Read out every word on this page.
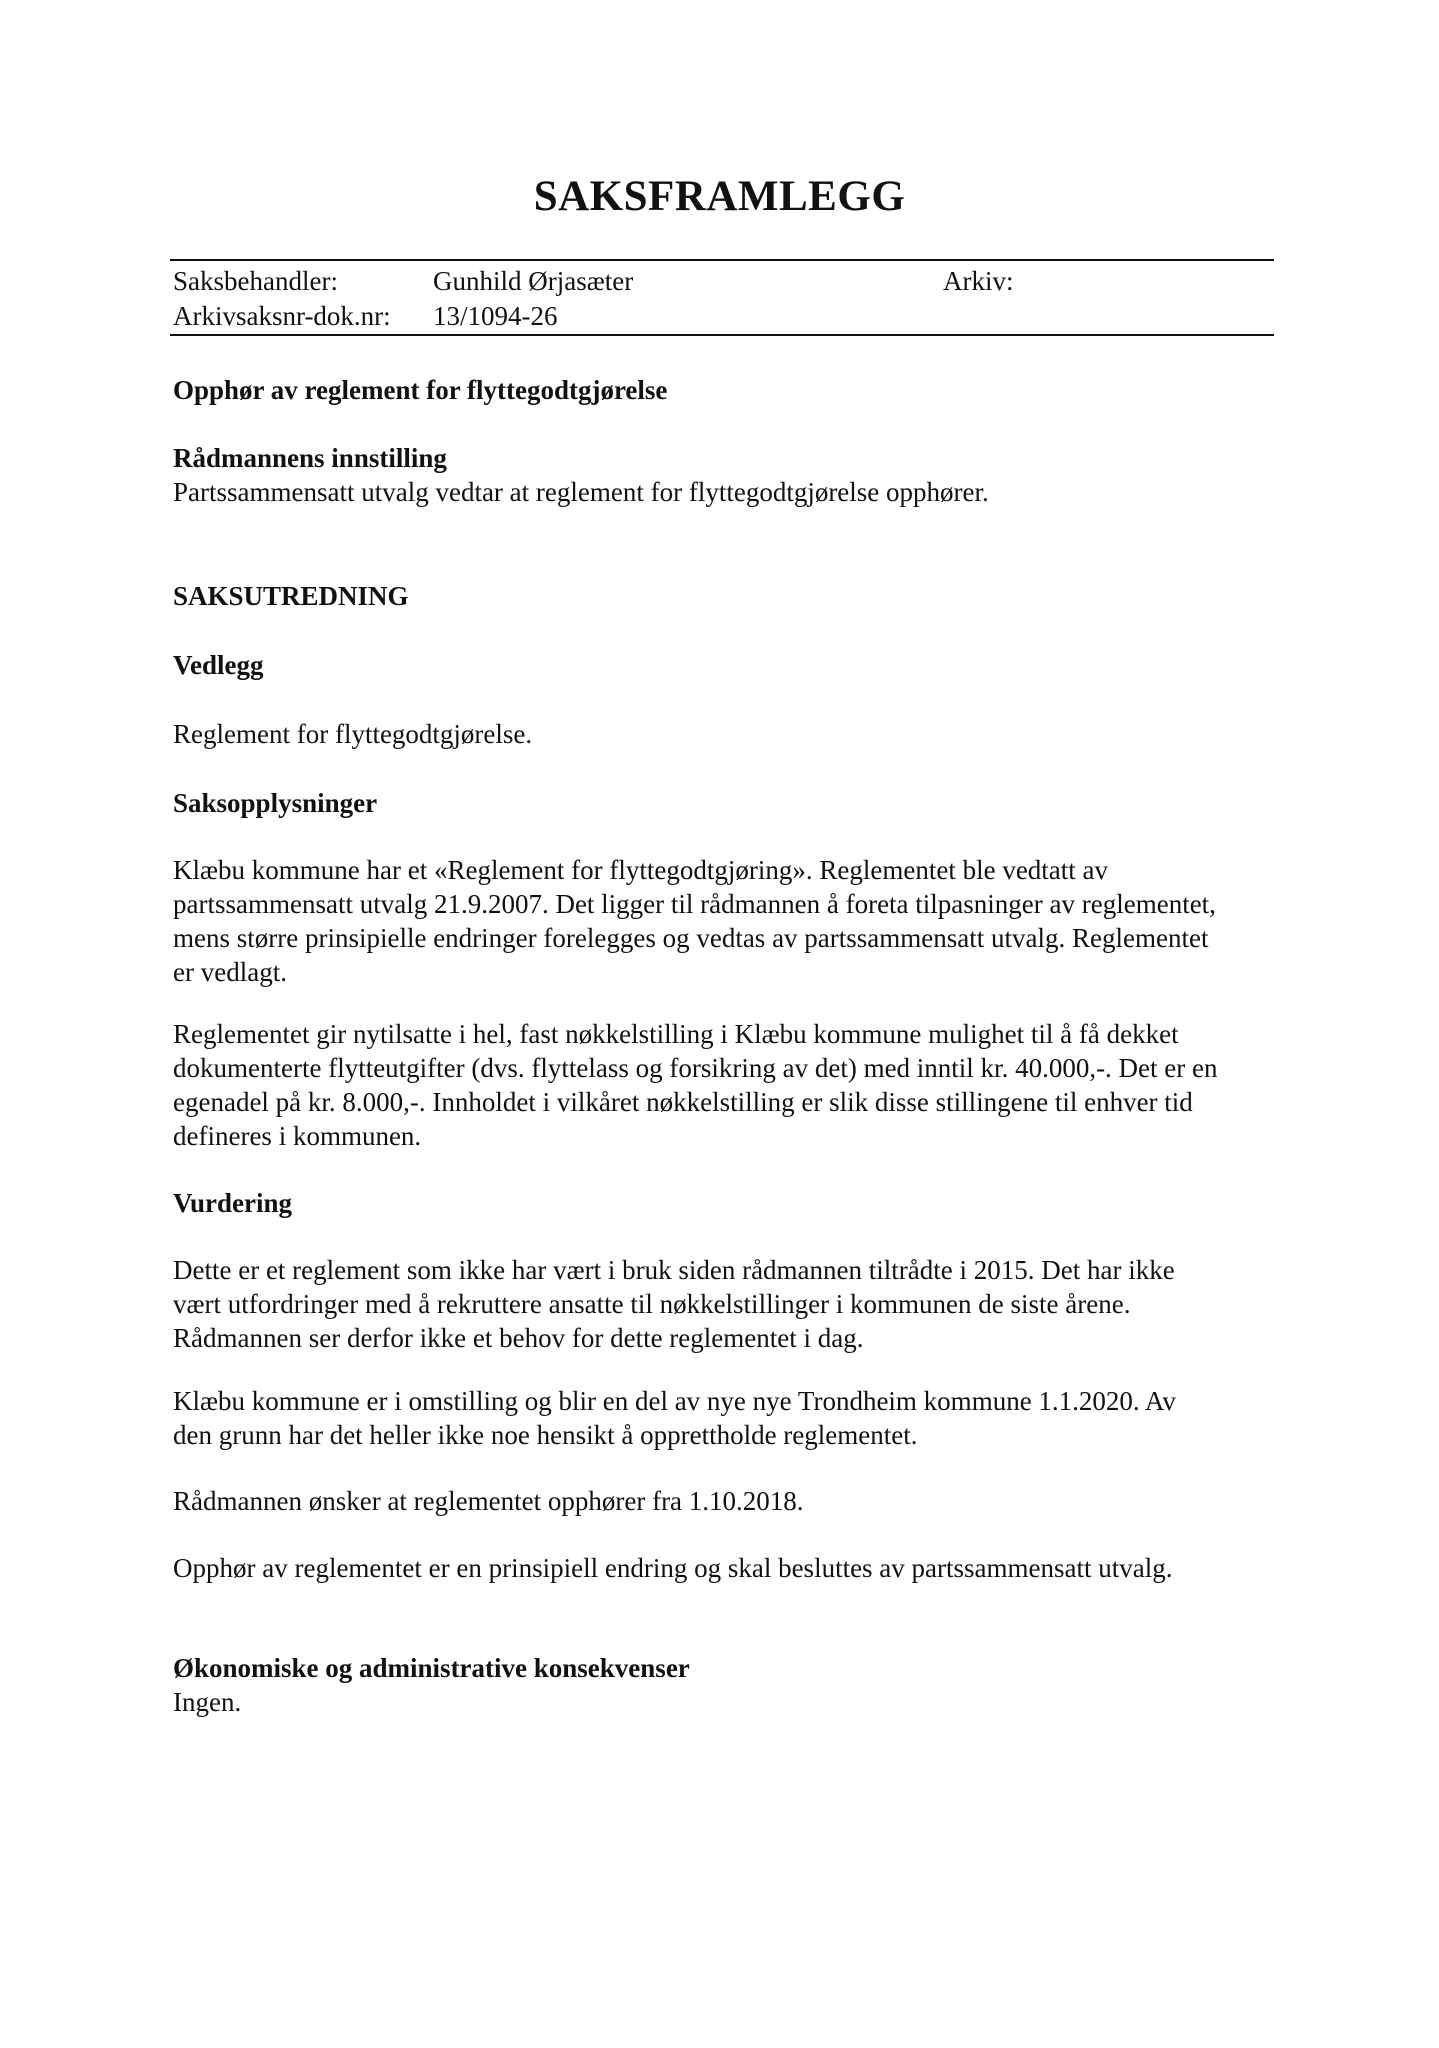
SAKSFRAMLEGG
Saksbehandler:	Gunhild Ørjasæter	Arkiv:
Arkivsaksnr-dok.nr: 13/1094-26
Opphør av reglement for flyttegodtgjørelse
Rådmannens innstilling
Partssammensatt utvalg vedtar at reglement for flyttegodtgjørelse opphører.
SAKSUTREDNING
Vedlegg
Reglement for flyttegodtgjørelse.
Saksopplysninger
Klæbu kommune har et «Reglement for flyttegodtgjøring». Reglementet ble vedtatt av
partssammensatt utvalg 21.9.2007. Det ligger til rådmannen å foreta tilpasninger av reglementet,
mens større prinsipielle endringer forelegges og vedtas av partssammensatt utvalg. Reglementet
er vedlagt.
Reglementet gir nytilsatte i hel, fast nøkkelstilling i Klæbu kommune mulighet til å få dekket
dokumenterte flytteutgifter (dvs. flyttelass og forsikring av det) med inntil kr. 40.000,-. Det er en
egenadel på kr. 8.000,-. Innholdet i vilkåret nøkkelstilling er slik disse stillingene til enhver tid
defineres i kommunen.
Vurdering
Dette er et reglement som ikke har vært i bruk siden rådmannen tiltrådte i 2015. Det har ikke
vært utfordringer med å rekruttere ansatte til nøkkelstillinger i kommunen de siste årene.
Rådmannen ser derfor ikke et behov for dette reglementet i dag.
Klæbu kommune er i omstilling og blir en del av nye nye Trondheim kommune 1.1.2020. Av
den grunn har det heller ikke noe hensikt å opprettholde reglementet.
Rådmannen ønsker at reglementet opphører fra 1.10.2018.
Opphør av reglementet er en prinsipiell endring og skal besluttes av partssammensatt utvalg.
Økonomiske og administrative konsekvenser
Ingen.
